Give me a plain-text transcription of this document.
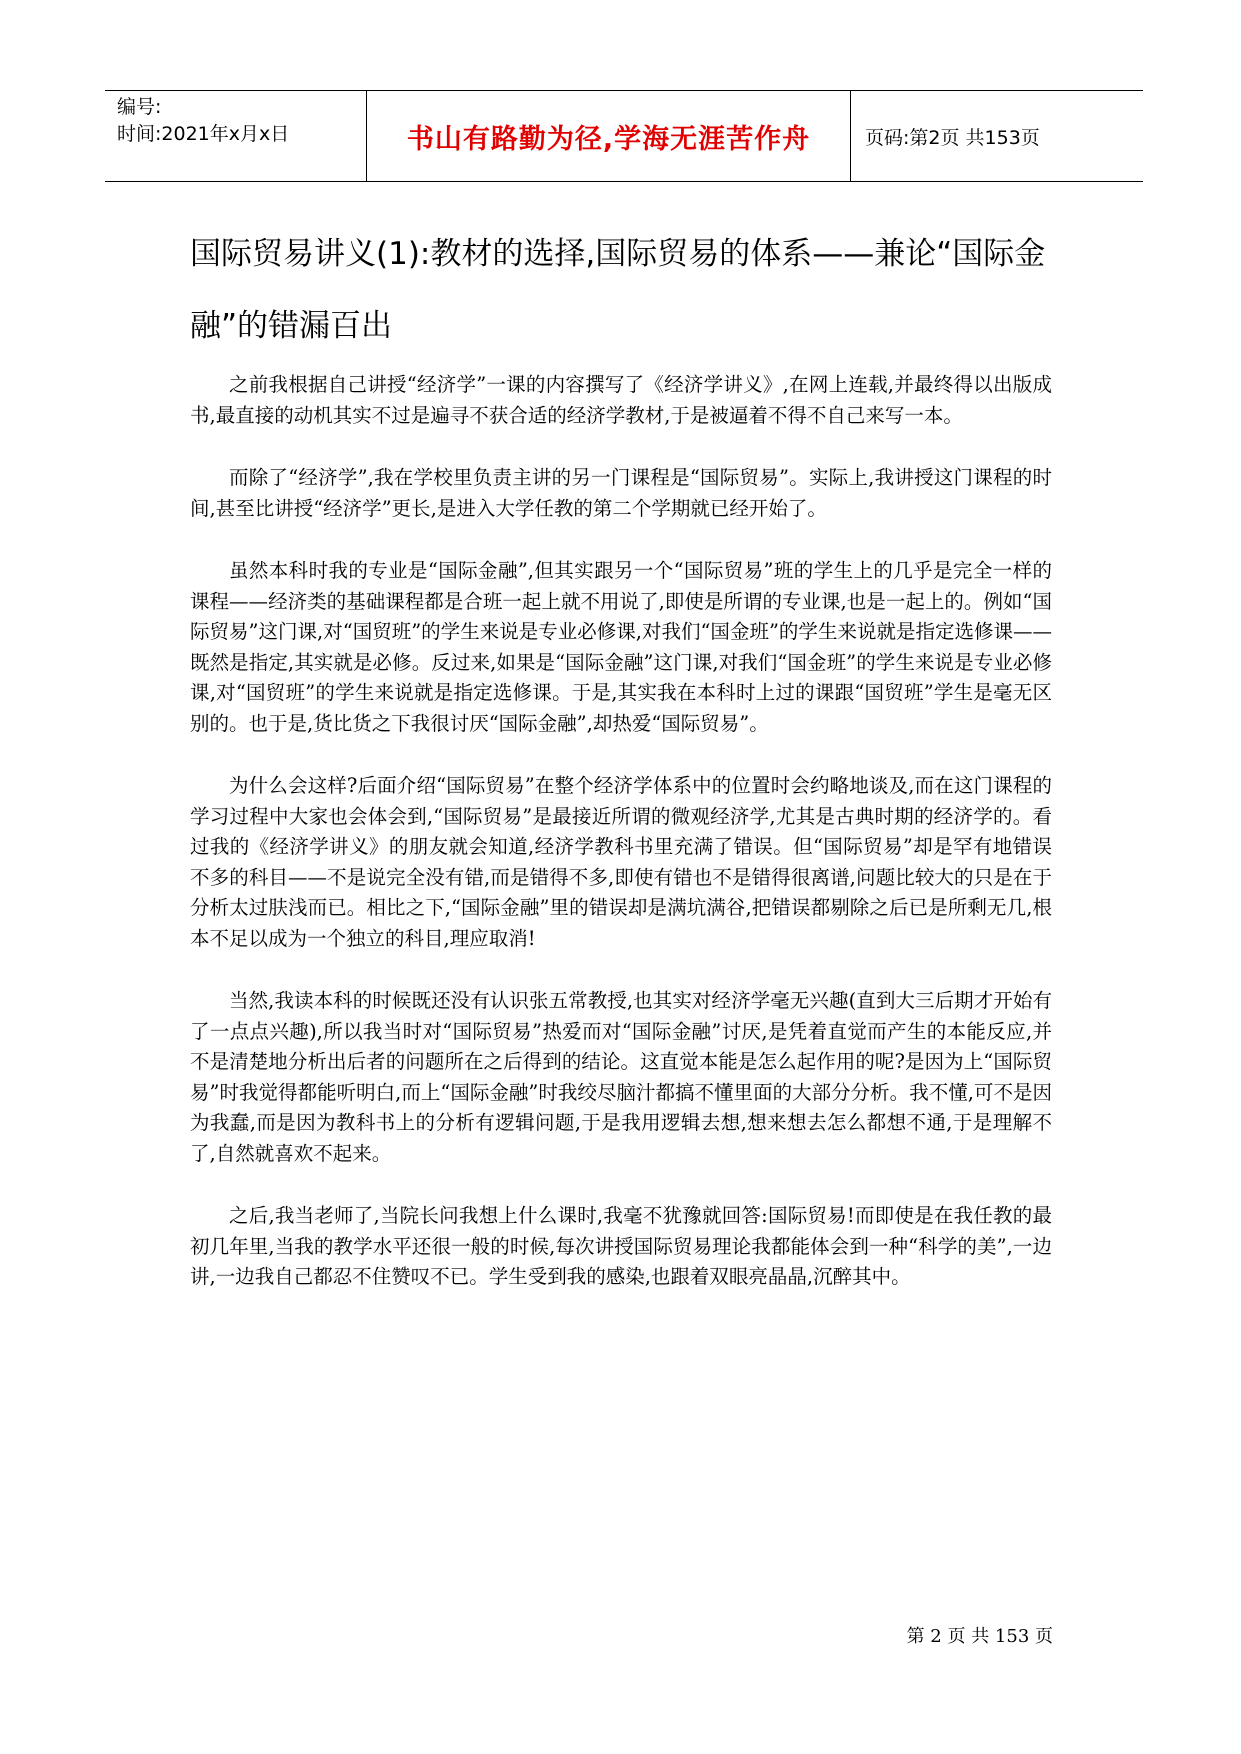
编号:
时间:2021年x月x日	书山有路勤为径,学海无涯苦作舟	页码:第2页 共153页
国际贸易讲义(1):教材的选择,国际贸易的体系——兼论“国际金融”的错漏百出

之前我根据自己讲授“经济学”一课的内容撰写了《经济学讲义》,在网上连载,并最终得以出版成书,最直接的动机其实不过是遍寻不获合适的经济学教材,于是被逼着不得不自己来写一本。

而除了“经济学”,我在学校里负责主讲的另一门课程是“国际贸易”。实际上,我讲授这门课程的时间,甚至比讲授“经济学”更长,是进入大学任教的第二个学期就已经开始了。

虽然本科时我的专业是“国际金融”,但其实跟另一个“国际贸易”班的学生上的几乎是完全一样的课程——经济类的基础课程都是合班一起上就不用说了,即使是所谓的专业课,也是一起上的。例如“国际贸易”这门课,对“国贸班”的学生来说是专业必修课,对我们“国金班”的学生来说就是指定选修课——既然是指定,其实就是必修。反过来,如果是“国际金融”这门课,对我们“国金班”的学生来说是专业必修课,对“国贸班”的学生来说就是指定选修课。于是,其实我在本科时上过的课跟“国贸班”学生是毫无区别的。也于是,货比货之下我很讨厌“国际金融”,却热爱“国际贸易”。

为什么会这样?后面介绍“国际贸易”在整个经济学体系中的位置时会约略地谈及,而在这门课程的学习过程中大家也会体会到,“国际贸易”是最接近所谓的微观经济学,尤其是古典时期的经济学的。看过我的《经济学讲义》的朋友就会知道,经济学教科书里充满了错误。但“国际贸易”却是罕有地错误不多的科目——不是说完全没有错,而是错得不多,即使有错也不是错得很离谱,问题比较大的只是在于分析太过肤浅而已。相比之下,“国际金融”里的错误却是满坑满谷,把错误都剔除之后已是所剩无几,根本不足以成为一个独立的科目,理应取消!

当然,我读本科的时候既还没有认识张五常教授,也其实对经济学毫无兴趣(直到大三后期才开始有了一点点兴趣),所以我当时对“国际贸易”热爱而对“国际金融”讨厌,是凭着直觉而产生的本能反应,并不是清楚地分析出后者的问题所在之后得到的结论。这直觉本能是怎么起作用的呢?是因为上“国际贸易”时我觉得都能听明白,而上“国际金融”时我绞尽脑汁都搞不懂里面的大部分分析。我不懂,可不是因为我蠢,而是因为教科书上的分析有逻辑问题,于是我用逻辑去想,想来想去怎么都想不通,于是理解不了,自然就喜欢不起来。

之后,我当老师了,当院长问我想上什么课时,我毫不犹豫就回答:国际贸易!而即使是在我任教的最初几年里,当我的教学水平还很一般的时候,每次讲授国际贸易理论我都能体会到一种“科学的美”,一边讲,一边我自己都忍不住赞叹不已。学生受到我的感染,也跟着双眼亮晶晶,沉醉其中。

第 2 页 共 153 页
